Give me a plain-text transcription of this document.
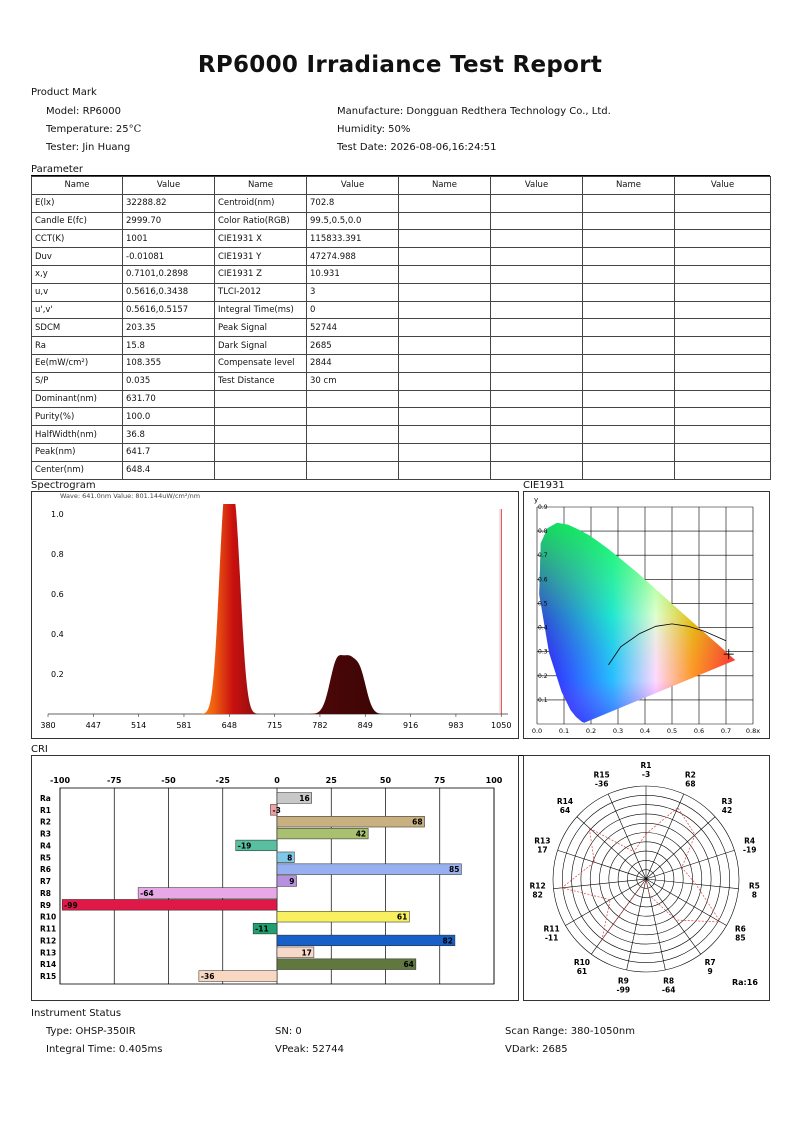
RP6000 Irradiance Test Report
Product Mark
Model: RP6000	Manufacture: Dongguan Redthera Technology Co., Ltd.
Temperature: 25°C	Humidity: 50%
Tester: Jin Huang	Test Date: 2026-08-06,16:24:51
Parameter
Name	Value	Name	Value	Name	Value	Name	Value
E(lx)	32288.82	Centroid(nm)	702.8				
Candle E(fc)	2999.70	Color Ratio(RGB)	99.5,0.5,0.0				
CCT(K)	1001	CIE1931 X	115833.391				
Duv	-0.01081	CIE1931 Y	47274.988				
x,y	0.7101,0.2898	CIE1931 Z	10.931				
u,v	0.5616,0.3438	TLCI-2012	3				
u',v'	0.5616,0.5157	Integral Time(ms)	0				
SDCM	203.35	Peak Signal	52744				
Ra	15.8	Dark Signal	2685				
Ee(mW/cm²)	108.355	Compensate level	2844				
S/P	0.035	Test Distance	30 cm				
Dominant(nm)	631.70						
Purity(%)	100.0						
HalfWidth(nm)	36.8						
Peak(nm)	641.7						
Center(nm)	648.4						
Spectrogram
380	447	514	581	648	715	782	849	916	983	1050
0.2
0.4
0.6
0.8
1.0
Wave: 641.0nm Value: 801.144uW/cm²/nm
CIE1931
0.0	0.1	0.2	0.3	0.4	0.5	0.6	0.7 0.8x
0.1
0.2
0.3
0.4
0.5
0.6
0.7
0.8
0.9
y
CRI
-100	-75	-50	-25	0	25	50	75	100
Ra	16
R1	-3
R2	68
R3	42
R4	-19
R5	8
R6	85
R7	9
R8	-64
R9 -99
R10	61
R11	-11
R12	82
R13	17
R14	64
R15	-36
R1
-3	R2
68
R3
42
R4
-19
R5
8
R6
85
R7
9
R8
-64
R9
-99
R10
61
R11
-11
R12
82
R13
17
R14
64
R15
-36
Ra:16
Instrument Status
Type: OHSP-350IR	SN: 0	Scan Range: 380-1050nm
Integral Time: 0.405ms	VPeak: 52744	VDark: 2685
